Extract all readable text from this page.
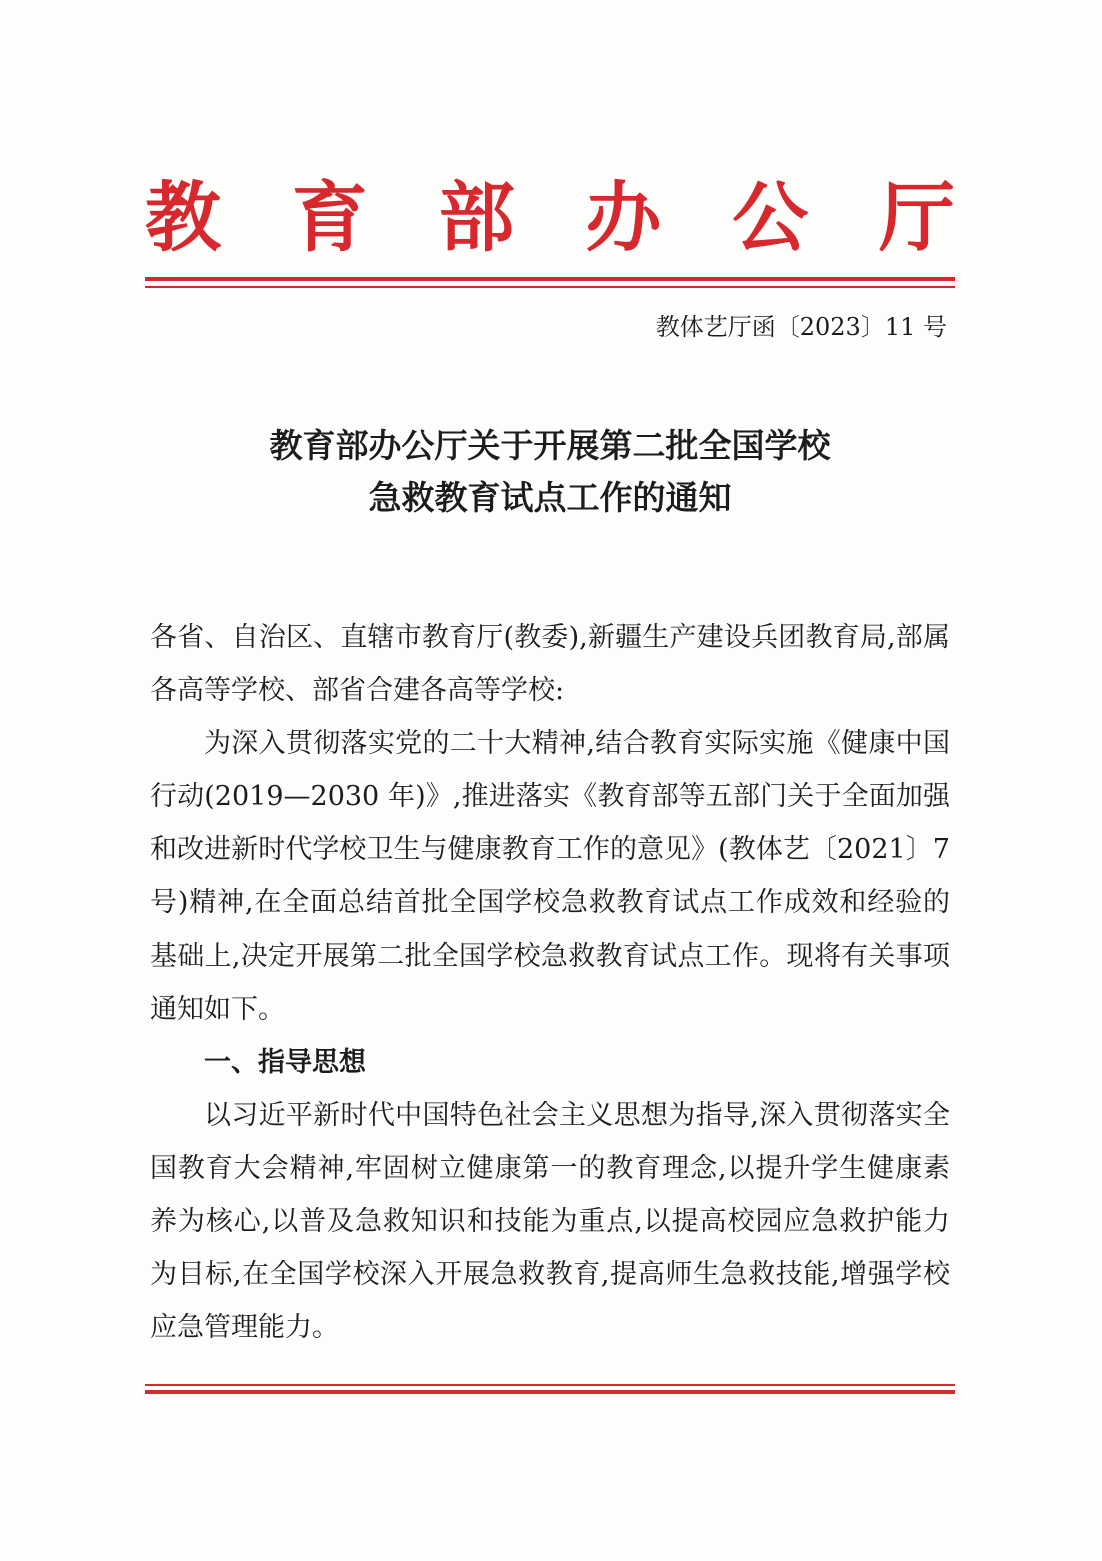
教 育 部 办 公 厅
教体艺厅函〔2023〕11 号
教育部办公厅关于开展第二批全国学校
急救教育试点工作的通知

各省、自治区、直辖市教育厅(教委),新疆生产建设兵团教育局,部属各高等学校、部省合建各高等学校:

为深入贯彻落实党的二十大精神,结合教育实际实施《健康中国行动(2019—2030 年)》,推进落实《教育部等五部门关于全面加强和改进新时代学校卫生与健康教育工作的意见》(教体艺〔2021〕7 号)精神,在全面总结首批全国学校急救教育试点工作成效和经验的基础上,决定开展第二批全国学校急救教育试点工作。现将有关事项通知如下。

一、指导思想

以习近平新时代中国特色社会主义思想为指导,深入贯彻落实全国教育大会精神,牢固树立健康第一的教育理念,以提升学生健康素养为核心,以普及急救知识和技能为重点,以提高校园应急救护能力为目标,在全国学校深入开展急救教育,提高师生急救技能,增强学校应急管理能力。
